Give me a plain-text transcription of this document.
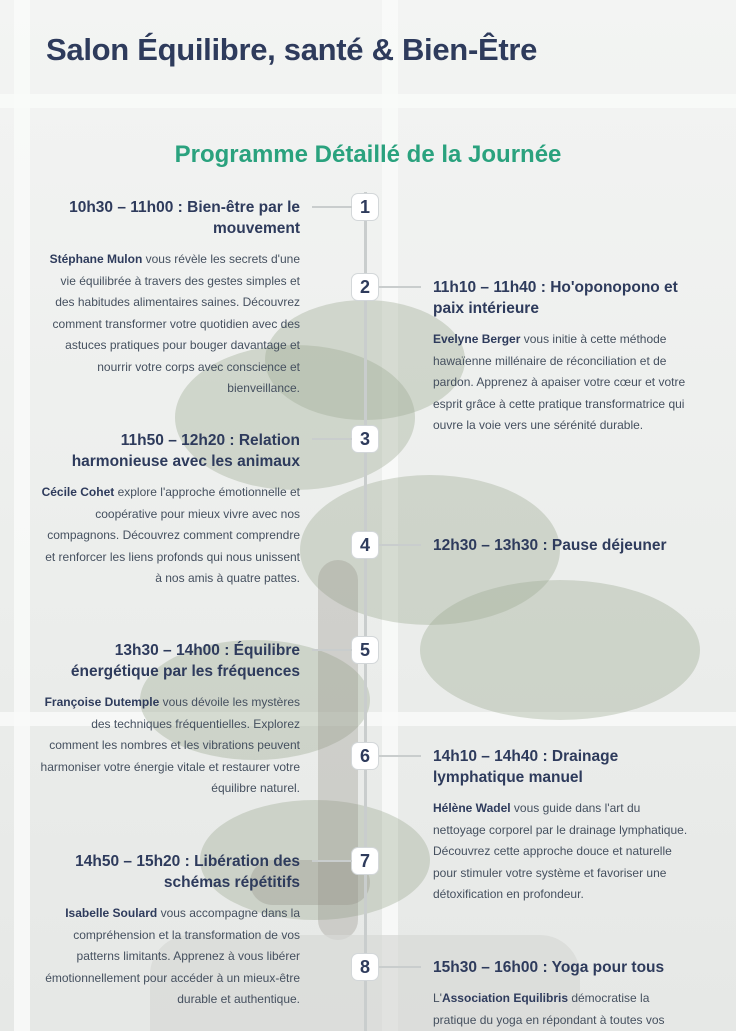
Salon Équilibre, santé & Bien-Être
Programme Détaillé de la Journée
1
10h30 – 11h00 : Bien-être par le mouvement

Stéphane Mulon vous révèle les secrets d'une vie équilibrée à travers des gestes simples et des habitudes alimentaires saines. Découvrez comment transformer votre quotidien avec des astuces pratiques pour bouger davantage et nourrir votre corps avec conscience et bienveillance.

2	11h10 – 11h40 : Ho'oponopono et paix intérieure

Evelyne Berger vous initie à cette méthode hawaïenne millénaire de réconciliation et de pardon. Apprenez à apaiser votre cœur et votre esprit grâce à cette pratique transformatrice qui ouvre la voie vers une sérénité durable.

3
11h50 – 12h20 : Relation harmonieuse avec les animaux

Cécile Cohet explore l'approche émotionnelle et coopérative pour mieux vivre avec nos compagnons. Découvrez comment comprendre et renforcer les liens profonds qui nous unissent à nos amis à quatre pattes.

4	12h30 – 13h30 : Pause déjeuner
5
13h30 – 14h00 : Équilibre énergétique par les fréquences

Françoise Dutemple vous dévoile les mystères des techniques fréquentielles. Explorez comment les nombres et les vibrations peuvent harmoniser votre énergie vitale et restaurer votre équilibre naturel.

6	14h10 – 14h40 : Drainage lymphatique manuel

Hélène Wadel vous guide dans l'art du nettoyage corporel par le drainage lymphatique. Découvrez cette approche douce et naturelle pour stimuler votre système et favoriser une détoxification en profondeur.

7
14h50 – 15h20 : Libération des schémas répétitifs

Isabelle Soulard vous accompagne dans la compréhension et la transformation de vos patterns limitants. Apprenez à vous libérer émotionnellement pour accéder à un mieux-être durable et authentique.

8	15h30 – 16h00 : Yoga pour tous

L'Association Equilibris démocratise la pratique du yoga en répondant à toutes vos
